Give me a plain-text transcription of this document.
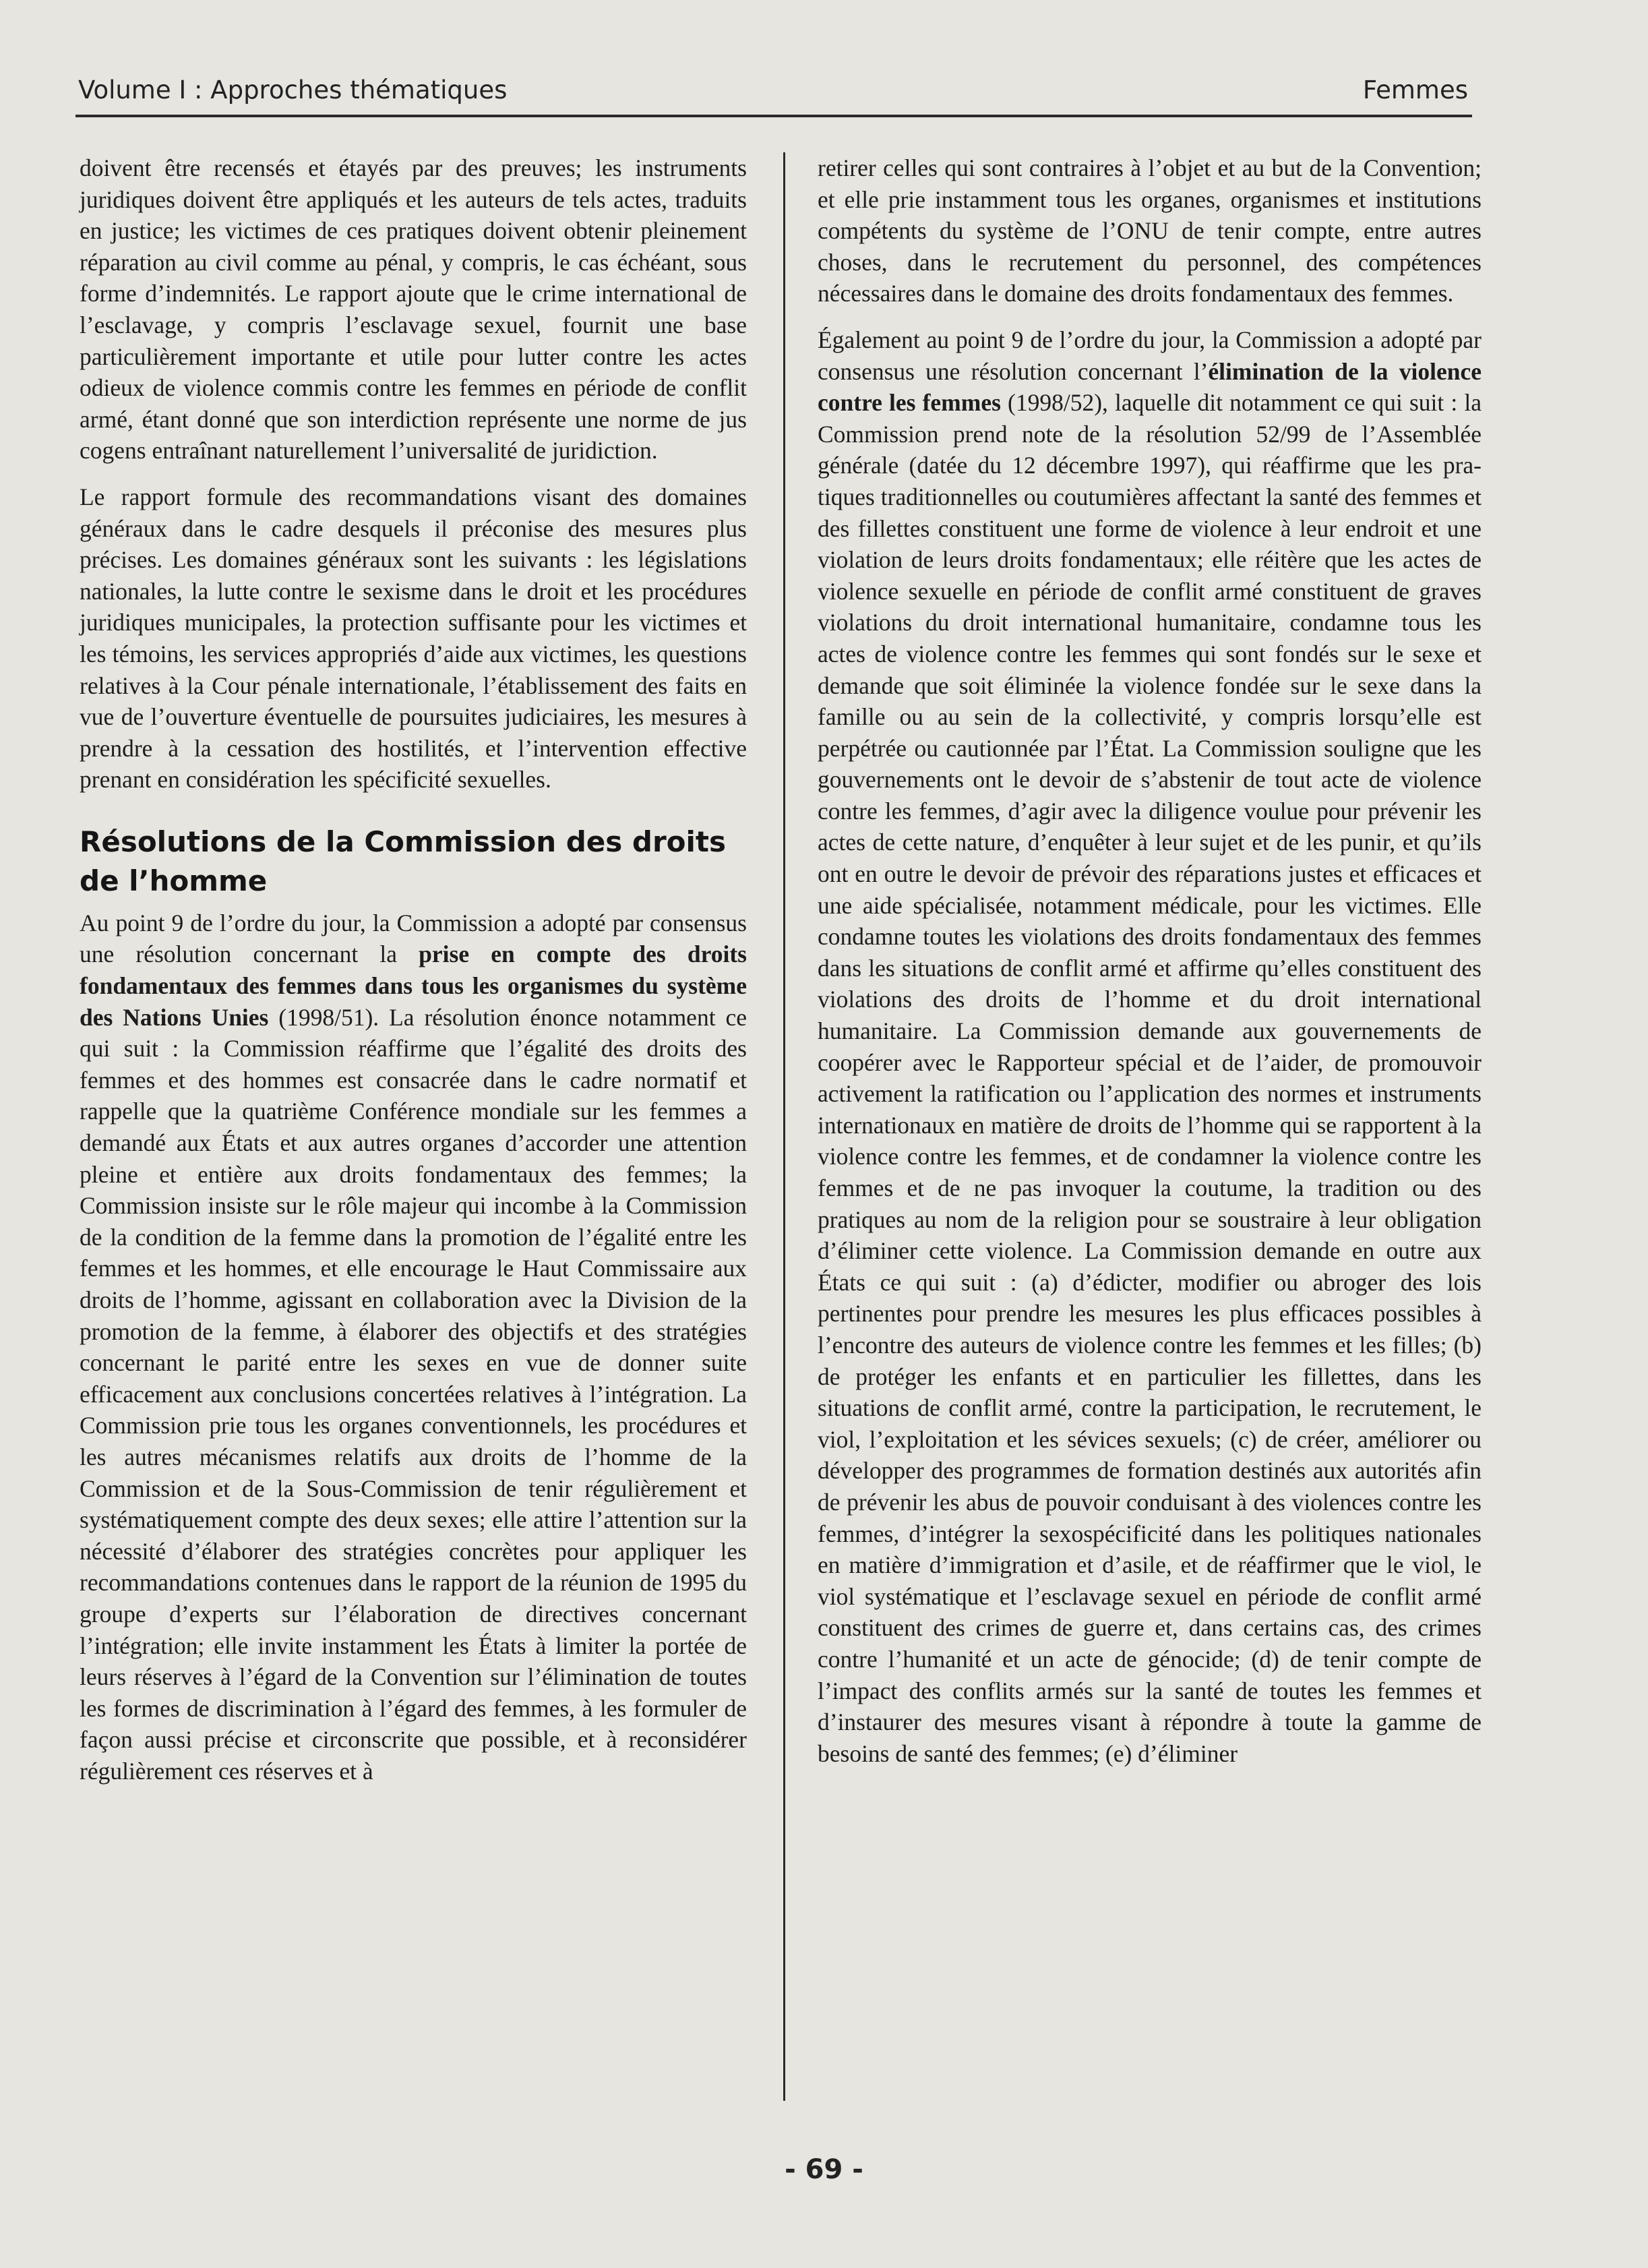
Volume I : Approches thématiques	Femmes

doivent être recensés et étayés par des preuves; les instruments juridiques doivent être appliqués et les auteurs de tels actes, traduits en justice; les victimes de ces pratiques doivent obtenir pleinement réparation au civil comme au pénal, y compris, le cas échéant, sous forme d’indemnités. Le rapport ajoute que le crime international de l’esclavage, y compris l’esclavage sexuel, fournit une base particulièrement importante et utile pour lutter contre les actes odieux de violence commis contre les femmes en période de conflit armé, étant donné que son interdiction représente une norme de jus cogens entraînant naturellement l’universalité de juridiction.

Le rapport formule des recommandations visant des domaines généraux dans le cadre desquels il préconise des mesures plus précises. Les domaines généraux sont les suivants : les législations nationales, la lutte contre le sexisme dans le droit et les procédures juridiques municipales, la protection suffisante pour les victimes et les témoins, les services appropriés d’aide aux victimes, les questions relatives à la Cour pénale internationale, l’établissement des faits en vue de l’ouverture éventuelle de poursuites judiciaires, les mesures à prendre à la cessation des hostilités, et l’intervention effective prenant en considération les spécificité sexuelles.

Résolutions de la Commission des droits de l’homme

Au point 9 de l’ordre du jour, la Commission a adopté par consensus une résolution concernant la prise en compte des droits fondamentaux des femmes dans tous les organismes du système des Nations Unies (1998/51). La résolution énonce notamment ce qui suit : la Commission réaffirme que l’égalité des droits des femmes et des hommes est consacrée dans le cadre normatif et rappelle que la quatrième Conférence mondiale sur les femmes a demandé aux États et aux autres organes d’accorder une attention pleine et entière aux droits fondamentaux des femmes; la Commission insiste sur le rôle majeur qui incombe à la Commission de la condition de la femme dans la promotion de l’égalité entre les femmes et les hommes, et elle encourage le Haut Commissaire aux droits de l’homme, agissant en collaboration avec la Division de la promotion de la femme, à élaborer des objectifs et des stratégies concernant le parité entre les sexes en vue de donner suite efficacement aux conclusions concertées relatives à l’intégration. La Commission prie tous les organes conventionnels, les procédures et les autres mécanismes relatifs aux droits de l’homme de la Commission et de la Sous-Commission de tenir régulièrement et systématiquement compte des deux sexes; elle attire l’attention sur la nécessité d’élaborer des stratégies concrètes pour appliquer les recommandations contenues dans le rapport de la réunion de 1995 du groupe d’experts sur l’élaboration de directives concernant l’intégration; elle invite instamment les États à limiter la portée de leurs réserves à l’égard de la Convention sur l’élimination de toutes les formes de discrimination à l’égard des femmes, à les formuler de façon aussi précise et circonscrite que possible, et à reconsidérer régulièrement ces réserves et à

retirer celles qui sont contraires à l’objet et au but de la Convention; et elle prie instamment tous les organes, organismes et institutions compétents du système de l’ONU de tenir compte, entre autres choses, dans le recrutement du personnel, des compétences nécessaires dans le domaine des droits fondamentaux des femmes.

Également au point 9 de l’ordre du jour, la Commission a adopté par consensus une résolution concernant l’élimination de la violence contre les femmes (1998/52), laquelle dit notamment ce qui suit : la Commission prend note de la résolution 52/99 de l’Assemblée générale (datée du 12 décembre 1997), qui réaffirme que les pratiques traditionnelles ou coutumières affectant la santé des femmes et des fillettes constituent une forme de violence à leur endroit et une violation de leurs droits fondamentaux; elle réitère que les actes de violence sexuelle en période de conflit armé constituent de graves violations du droit international humanitaire, condamne tous les actes de violence contre les femmes qui sont fondés sur le sexe et demande que soit éliminée la violence fondée sur le sexe dans la famille ou au sein de la collectivité, y compris lorsqu’elle est perpétrée ou cautionnée par l’État. La Commission souligne que les gouvernements ont le devoir de s’abstenir de tout acte de violence contre les femmes, d’agir avec la diligence voulue pour prévenir les actes de cette nature, d’enquêter à leur sujet et de les punir, et qu’ils ont en outre le devoir de prévoir des réparations justes et efficaces et une aide spécialisée, notamment médicale, pour les victimes. Elle condamne toutes les violations des droits fondamentaux des femmes dans les situations de conflit armé et affirme qu’elles constituent des violations des droits de l’homme et du droit international humanitaire. La Commission demande aux gouvernements de coopérer avec le Rapporteur spécial et de l’aider, de promouvoir activement la ratification ou l’application des normes et instruments internationaux en matière de droits de l’homme qui se rapportent à la violence contre les femmes, et de condamner la violence contre les femmes et de ne pas invoquer la coutume, la tradition ou des pratiques au nom de la religion pour se soustraire à leur obligation d’éliminer cette violence. La Commission demande en outre aux États ce qui suit : (a) d’édicter, modifier ou abroger des lois pertinentes pour prendre les mesures les plus efficaces possibles à l’encontre des auteurs de violence contre les femmes et les filles; (b) de protéger les enfants et en particulier les fillettes, dans les situations de conflit armé, contre la participation, le recrutement, le viol, l’exploitation et les sévices sexuels; (c) de créer, améliorer ou développer des programmes de formation destinés aux autorités afin de prévenir les abus de pouvoir conduisant à des violences contre les femmes, d’intégrer la sexospécificité dans les politiques nationales en matière d’immigration et d’asile, et de réaffirmer que le viol, le viol systématique et l’esclavage sexuel en période de conflit armé constituent des crimes de guerre et, dans certains cas, des crimes contre l’humanité et un acte de génocide; (d) de tenir compte de l’impact des conflits armés sur la santé de toutes les femmes et d’instaurer des mesures visant à répondre à toute la gamme de besoins de santé des femmes; (e) d’éliminer

- 69 -
